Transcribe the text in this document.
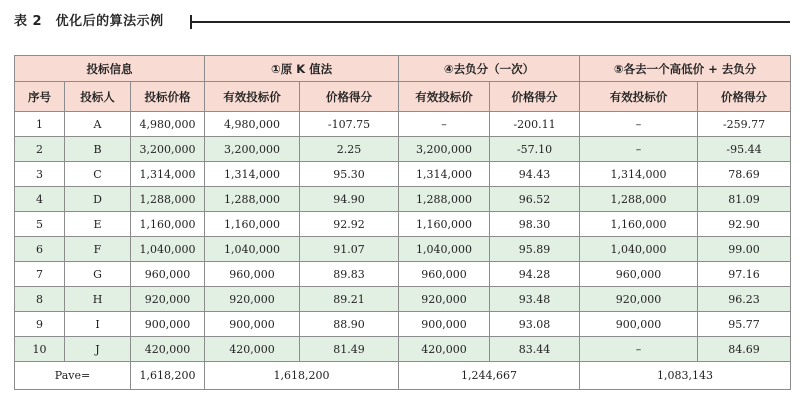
表 2　优化后的算法示例
投标信息			①原 K 值法		④去负分（一次）		⑤各去一个高低价 + 去负分	
序号	投标人	投标价格	有效投标价	价格得分	有效投标价	价格得分	有效投标价	价格得分
1	A	4,980,000	4,980,000	-107.75	–	-200.11	–	-259.77
2	B	3,200,000	3,200,000	2.25	3,200,000	-57.10	–	-95.44
3	C	1,314,000	1,314,000	95.30	1,314,000	94.43	1,314,000	78.69
4	D	1,288,000	1,288,000	94.90	1,288,000	96.52	1,288,000	81.09
5	E	1,160,000	1,160,000	92.92	1,160,000	98.30	1,160,000	92.90
6	F	1,040,000	1,040,000	91.07	1,040,000	95.89	1,040,000	99.00
7	G	960,000	960,000	89.83	960,000	94.28	960,000	97.16
8	H	920,000	920,000	89.21	920,000	93.48	920,000	96.23
9	I	900,000	900,000	88.90	900,000	93.08	900,000	95.77
10	J	420,000	420,000	81.49	420,000	83.44	–	84.69
Pave=		1,618,200	1,618,200		1,244,667		1,083,143	
